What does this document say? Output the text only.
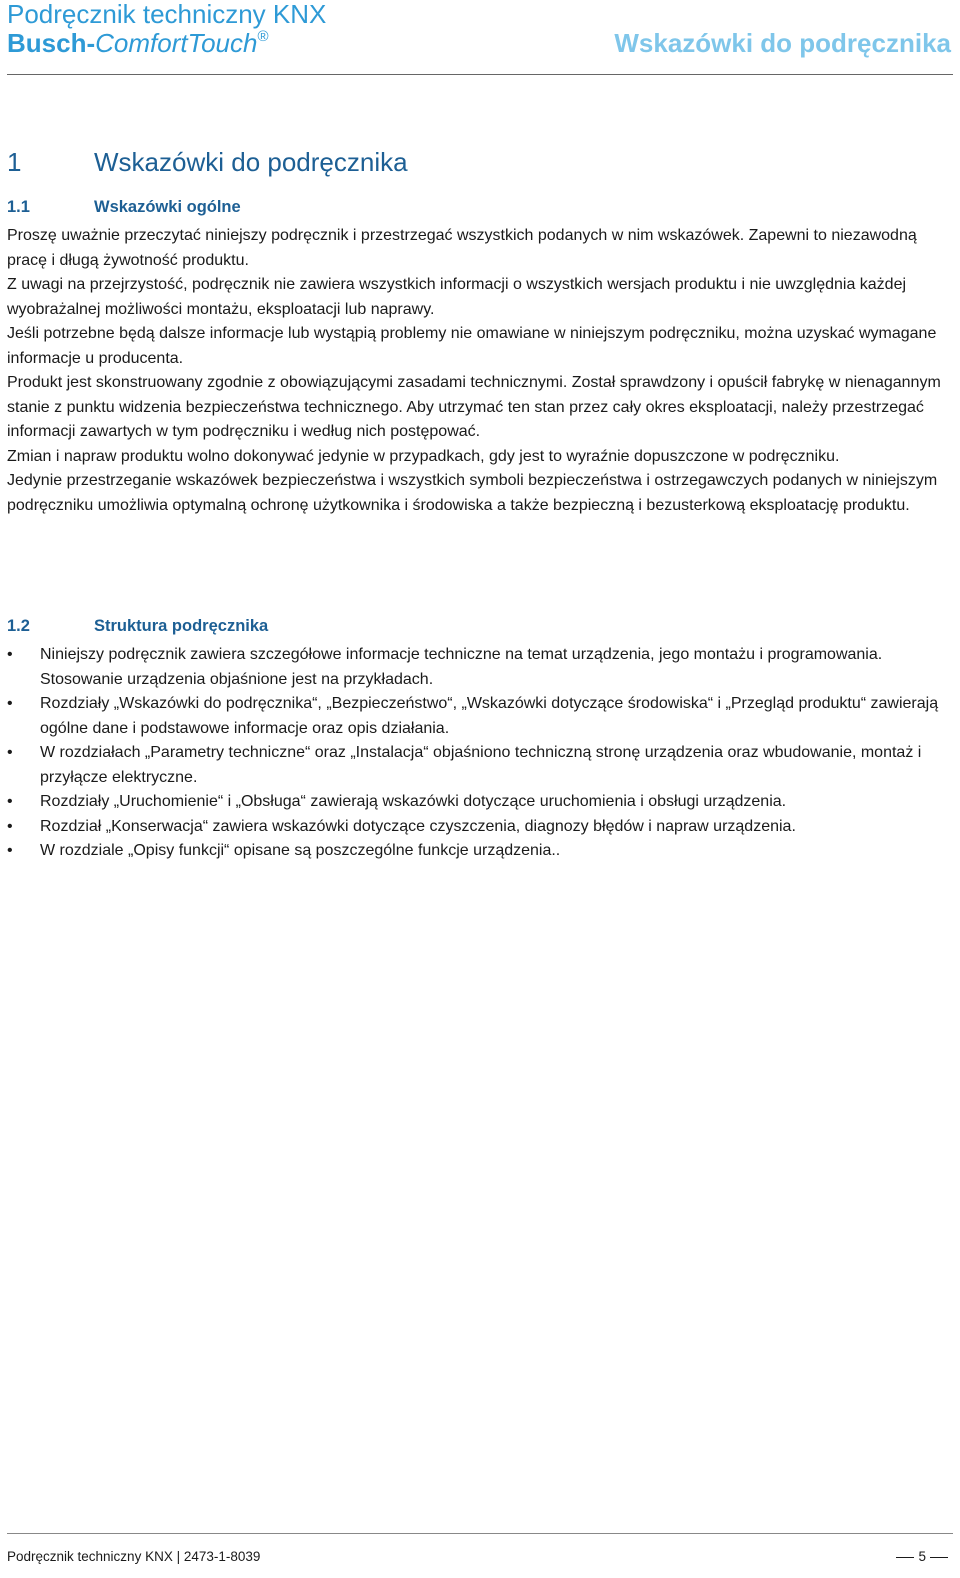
Podręcznik techniczny KNX
Busch-ComfortTouch®	Wskazówki do podręcznika
1	Wskazówki do podręcznika
1.1	Wskazówki ogólne

Proszę uważnie przeczytać niniejszy podręcznik i przestrzegać wszystkich podanych w nim wskazówek. Zapewni to niezawodną pracę i długą żywotność produktu.

Z uwagi na przejrzystość, podręcznik nie zawiera wszystkich informacji o wszystkich wersjach produktu i nie uwzględnia każdej wyobrażalnej możliwości montażu, eksploatacji lub naprawy.

Jeśli potrzebne będą dalsze informacje lub wystąpią problemy nie omawiane w niniejszym podręczniku, można uzyskać wymagane informacje u producenta.

Produkt jest skonstruowany zgodnie z obowiązującymi zasadami technicznymi. Został sprawdzony i opuścił fabrykę w nienagannym stanie z punktu widzenia bezpieczeństwa technicznego. Aby utrzymać ten stan przez cały okres eksploatacji, należy przestrzegać informacji zawartych w tym podręczniku i według nich postępować.

Zmian i napraw produktu wolno dokonywać jedynie w przypadkach, gdy jest to wyraźnie dopuszczone w podręczniku.

Jedynie przestrzeganie wskazówek bezpieczeństwa i wszystkich symboli bezpieczeństwa i ostrzegawczych podanych w niniejszym podręczniku umożliwia optymalną ochronę użytkownika i środowiska a także bezpieczną i bezusterkową eksploatację produktu.

1.2	Struktura podręcznika
• Niniejszy podręcznik zawiera szczegółowe informacje techniczne na temat urządzenia, jego montażu i programowania. Stosowanie urządzenia objaśnione jest na przykładach.
• Rozdziały „Wskazówki do podręcznika“, „Bezpieczeństwo“, „Wskazówki dotyczące środowiska“ i „Przegląd produktu“ zawierają ogólne dane i podstawowe informacje oraz opis działania.
• W rozdziałach „Parametry techniczne“ oraz „Instalacja“ objaśniono techniczną stronę urządzenia oraz wbudowanie, montaż i przyłącze elektryczne.
• Rozdziały „Uruchomienie“ i „Obsługa“ zawierają wskazówki dotyczące uruchomienia i obsługi urządzenia.
• Rozdział „Konserwacja“ zawiera wskazówki dotyczące czyszczenia, diagnozy błędów i napraw urządzenia.
• W rozdziale „Opisy funkcji“ opisane są poszczególne funkcje urządzenia..
Podręcznik techniczny KNX | 2473-1-8039	5
